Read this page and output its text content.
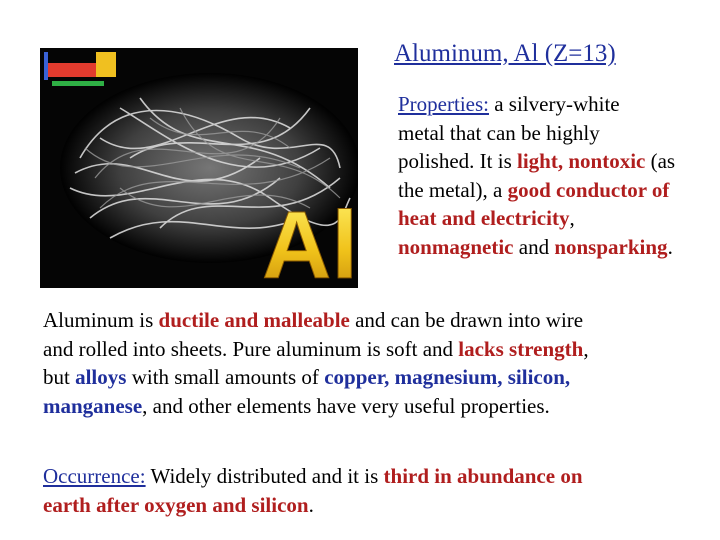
Al
Aluminum, Al (Z=13)
Properties: a silvery-white
metal that can be highly
polished. It is light, nontoxic (as
the metal), a good conductor of
heat and electricity,
nonmagnetic and nonsparking.
Aluminum is ductile and malleable and can be drawn into wire
and rolled into sheets. Pure aluminum is soft and lacks strength,
but alloys with small amounts of copper, magnesium, silicon,
manganese, and other elements have very useful properties.
Occurrence: Widely distributed and it is third in abundance on
earth after oxygen and silicon.
